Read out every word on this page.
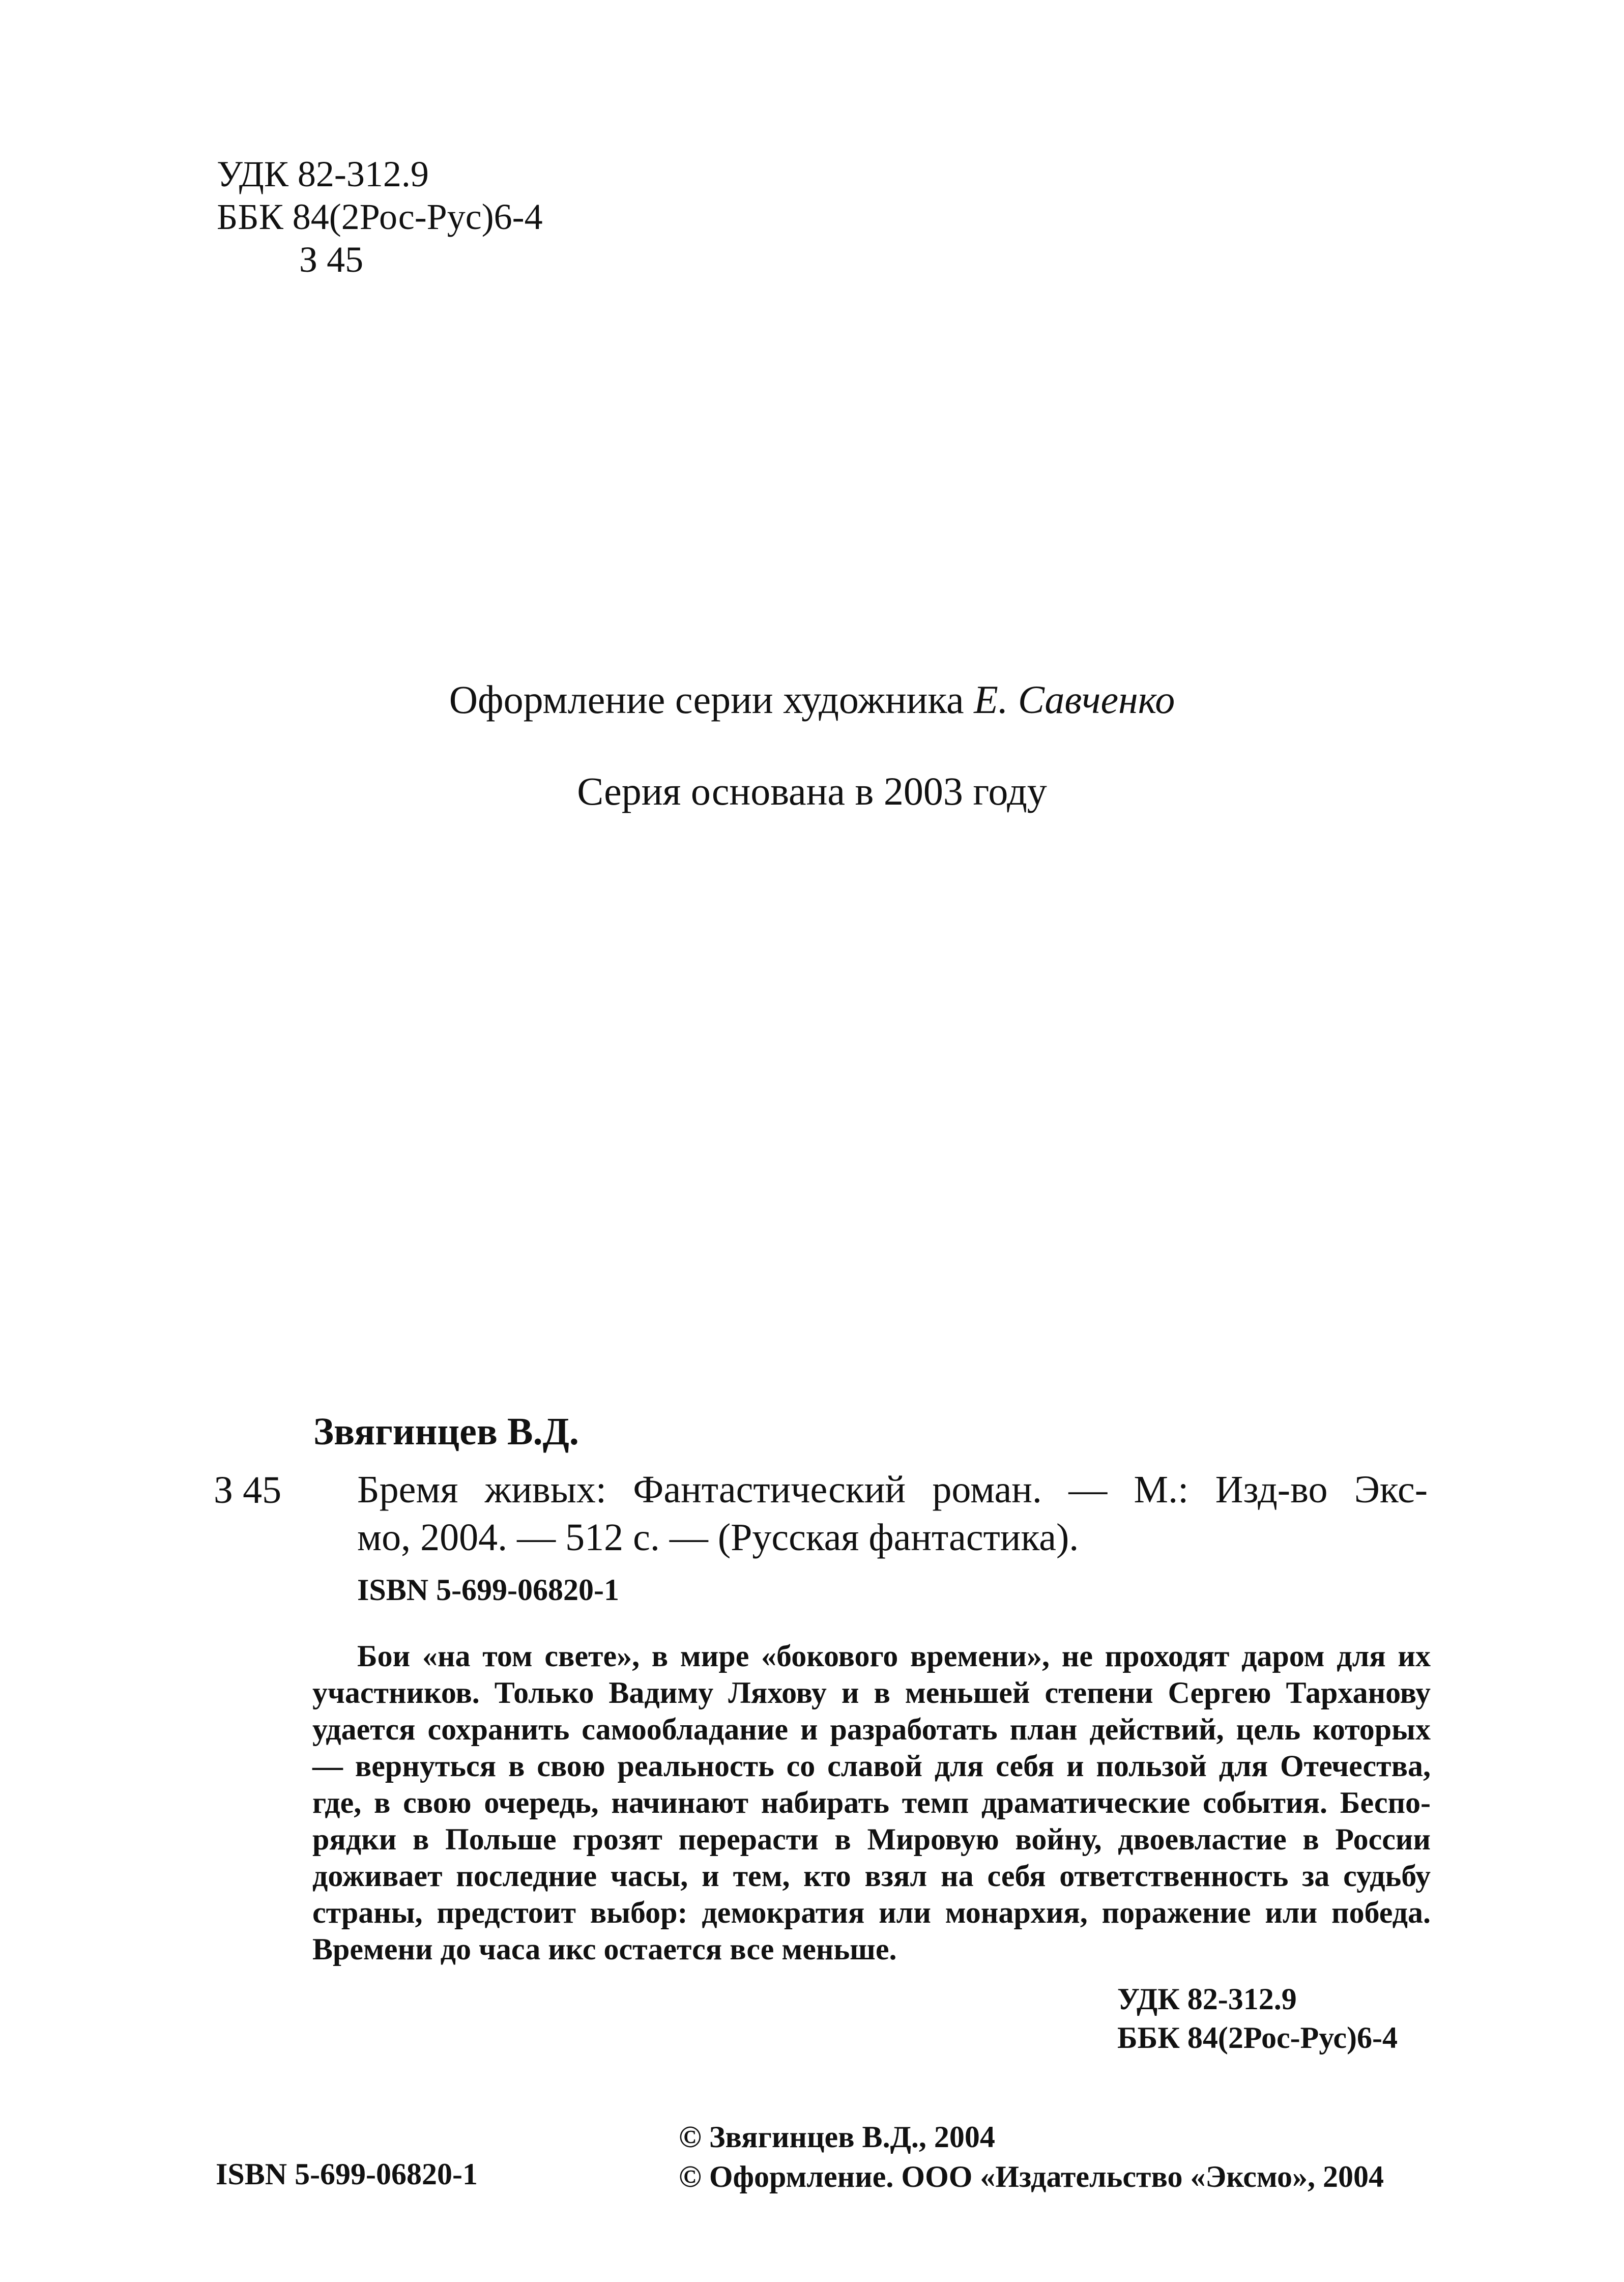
УДК 82-312.9
ББК 84(2Рос-Рус)6-4
З 45
Оформление серии художника Е. Савченко
Серия основана в 2003 году
Звягинцев В.Д.
З 45 Бремя живых: Фантастический роман. — М.: Изд-во Экс-
мо, 2004. — 512 с. — (Русская фантастика).
ISBN 5-699-06820-1
Бои «на том свете», в мире «бокового времени», не проходят даром для их
участников. Только Вадиму Ляхову и в меньшей степени Сергею Тарханову
удается сохранить самообладание и разработать план действий, цель которых
— вернуться в свою реальность со славой для себя и пользой для Отечества,
где, в свою очередь, начинают набирать темп драматические события. Беспо-
рядки в Польше грозят перерасти в Мировую войну, двоевластие в России
доживает последние часы, и тем, кто взял на себя ответственность за судьбу
страны, предстоит выбор: демократия или монархия, поражение или победа.
Времени до часа икс остается все меньше.
УДК 82-312.9
ББК 84(2Рос-Рус)6-4
© Звягинцев В.Д., 2004
© Оформление. ООО «Издательство «Эксмо», 2004
ISBN 5-699-06820-1
